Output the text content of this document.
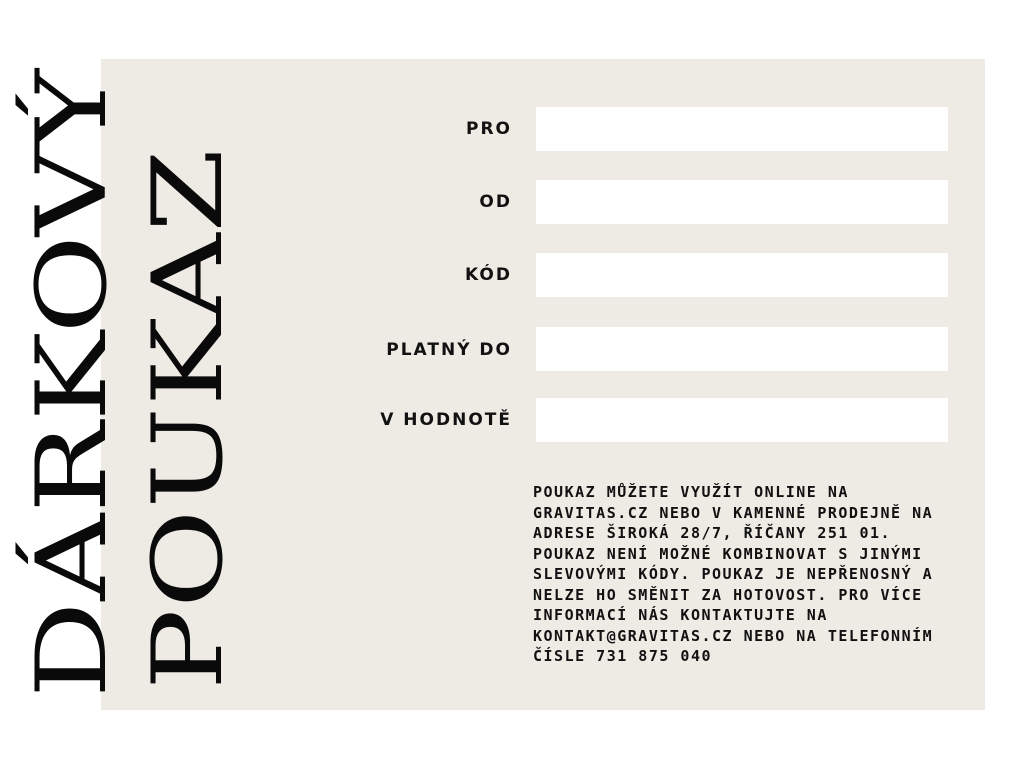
DÁRKOVÝ POUKAZ
PRO
OD
KÓD
PLATNÝ DO
V HODNOTĚ
POUKAZ MŮŽETE VYUŽÍT ONLINE NA GRAVITAS.CZ NEBO V KAMENNÉ PRODEJNĚ NA ADRESE ŠIROKÁ 28/7, ŘÍČANY 251 01. POUKAZ NENÍ MOŽNÉ KOMBINOVAT S JINÝMI SLEVOVÝMI KÓDY. POUKAZ JE NEPŘENOSNÝ A NELZE HO SMĚNIT ZA HOTOVOST. PRO VÍCE INFORMACÍ NÁS KONTAKTUJTE NA KONTAKT@GRAVITAS.CZ NEBO NA TELEFONNÍM ČÍSLE 731 875 040
